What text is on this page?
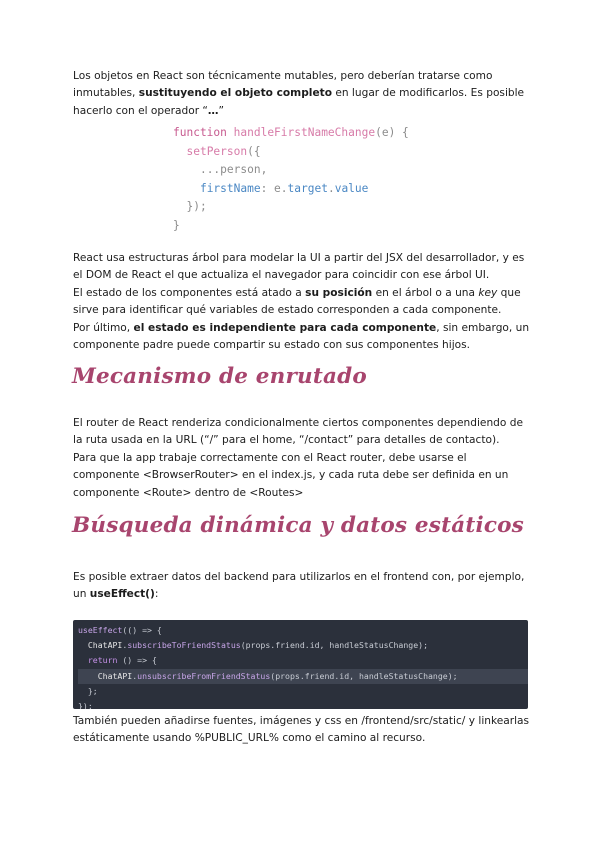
Los objetos en React son técnicamente mutables, pero deberían tratarse como inmutables, sustituyendo el objeto completo en lugar de modificarlos. Es posible hacerlo con el operador “…”

function handleFirstNameChange(e) {
setPerson({
...person,
firstName: e.target.value
});
}
React usa estructuras árbol para modelar la UI a partir del JSX del desarrollador, y es el DOM de React el que actualiza el navegador para coincidir con ese árbol UI.
El estado de los componentes está atado a su posición en el árbol o a una key que sirve para identificar qué variables de estado corresponden a cada componente.
Por último, el estado es independiente para cada componente, sin embargo, un componente padre puede compartir su estado con sus componentes hijos.
Mecanismo de enrutado
El router de React renderiza condicionalmente ciertos componentes dependiendo de la ruta usada en la URL (“/” para el home, “/contact” para detalles de contacto).
Para que la app trabaje correctamente con el React router, debe usarse el componente <BrowserRouter> en el index.js, y cada ruta debe ser definida en un componente <Route> dentro de <Routes>
Búsqueda dinámica y datos estáticos

Es posible extraer datos del backend para utilizarlos en el frontend con, por ejemplo, un useEffect():

useEffect(() => {
ChatAPI.subscribeToFriendStatus(props.friend.id, handleStatusChange);
return () => {
ChatAPI.unsubscribeFromFriendStatus(props.friend.id, handleStatusChange);
};
});
También pueden añadirse fuentes, imágenes y css en /frontend/src/static/ y linkearlas estáticamente usando %PUBLIC_URL% como el camino al recurso.
